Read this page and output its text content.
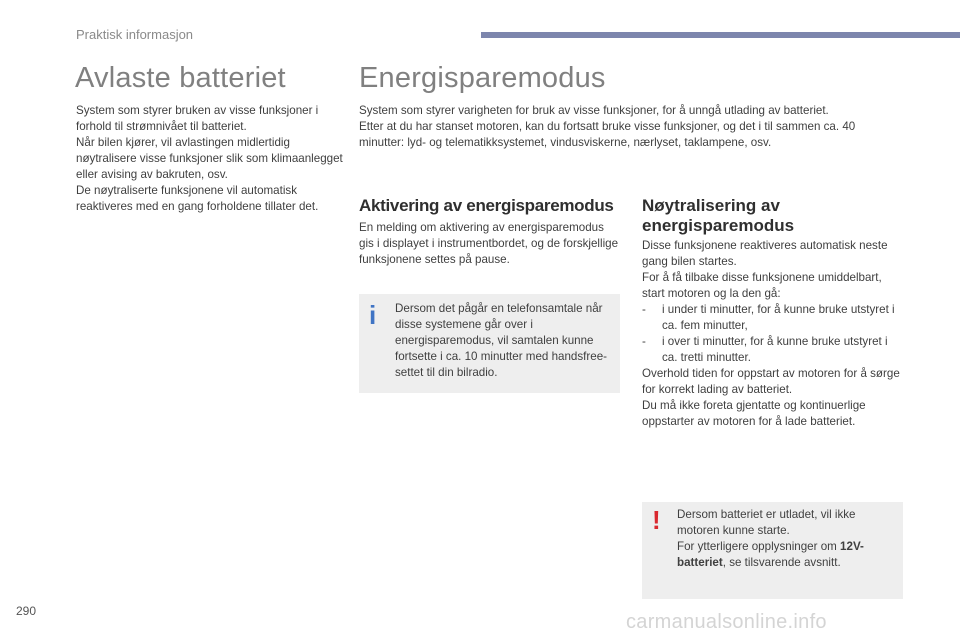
Praktisk informasjon
Avlaste batteriet

System som styrer bruken av visse funksjoner i forhold til strømnivået til batteriet.

Når bilen kjører, vil avlastingen midlertidig nøytralisere visse funksjoner slik som klimaanlegget eller avising av bakruten, osv.

De nøytraliserte funksjonene vil automatisk reaktiveres med en gang forholdene tillater det.

Energisparemodus

System som styrer varigheten for bruk av visse funksjoner, for å unngå utlading av batteriet.

Etter at du har stanset motoren, kan du fortsatt bruke visse funksjoner, og det i til sammen ca. 40 minutter: lyd- og telematikksystemet, vindusviskerne, nærlyset, taklampene, osv.

Aktivering av energisparemodus
En melding om aktivering av energisparemodus gis i displayet i instrumentbordet, og de forskjellige funksjonene settes på pause.
i Dersom det pågår en telefonsamtale når disse systemene går over i energisparemodus, vil samtalen kunne fortsette i ca. 10 minutter med handsfree-settet til din bilradio.
Nøytralisering av
energisparemodus

Disse funksjonene reaktiveres automatisk neste gang bilen startes.

For å få tilbake disse funksjonene umiddelbart, start motoren og la den gå:

- i under ti minutter, for å kunne bruke utstyret i ca. fem minutter,
- i over ti minutter, for å kunne bruke utstyret i ca. tretti minutter.

Overhold tiden for oppstart av motoren for å sørge for korrekt lading av batteriet.

Du må ikke foreta gjentatte og kontinuerlige oppstarter av motoren for å lade batteriet.

! Dersom batteriet er utladet, vil ikke motoren kunne starte.

For ytterligere opplysninger om 12V-batteriet, se tilsvarende avsnitt.

290	carmanualsonline.info
